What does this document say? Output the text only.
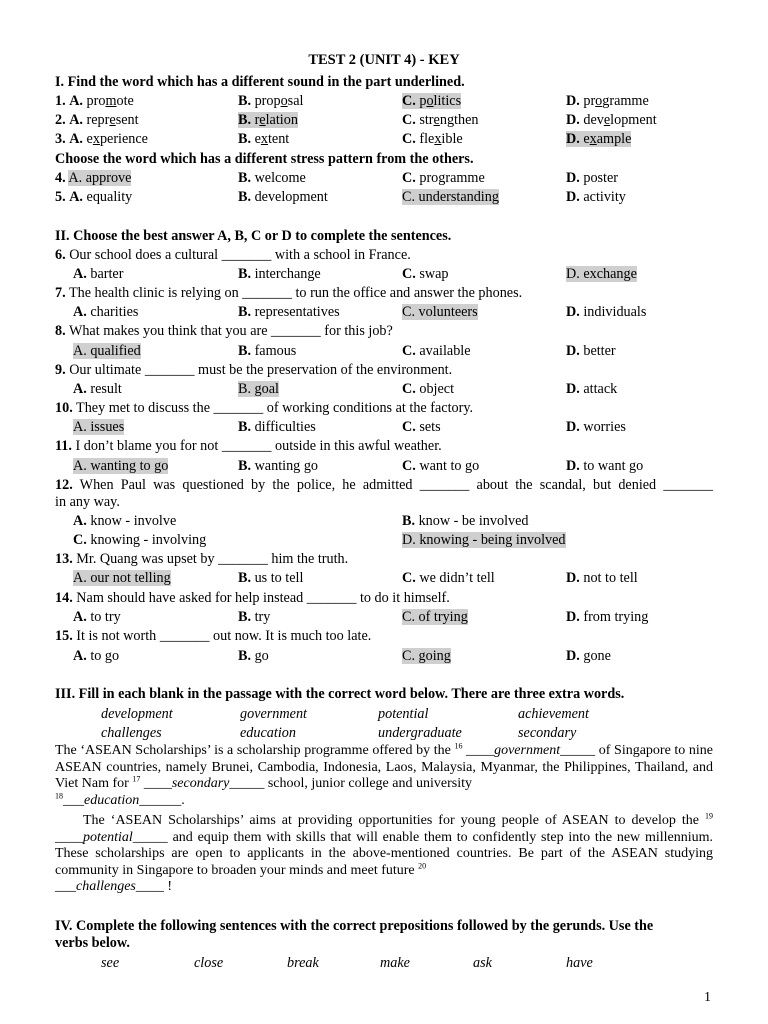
TEST 2 (UNIT 4) - KEY
I. Find the word which has a different sound in the part underlined.
1. A. promote	B. proposal	C. politics	D. programme
2. A. represent	B. relation	C. strengthen	D. development
3. A. experience	B. extent	C. flexible	D. example
Choose the word which has a different stress pattern from the others.
4. A. approve	B. welcome	C. programme	D. poster
5. A. equality	B. development	C. understanding	D. activity
II. Choose the best answer A, B, C or D to complete the sentences.
6. Our school does a cultural _______ with a school in France.
A. barter	B. interchange	C. swap	D. exchange
7. The health clinic is relying on _______ to run the office and answer the phones.
A. charities	B. representatives	C. volunteers	D. individuals
8. What makes you think that you are _______ for this job?
A. qualified	B. famous	C. available	D. better
9. Our ultimate _______ must be the preservation of the environment.
A. result	B. goal	C. object	D. attack
10. They met to discuss the _______ of working conditions at the factory.
A. issues	B. difficulties	C. sets	D. worries
11. I don’t blame you for not _______ outside in this awful weather.
A. wanting to go	B. wanting go	C. want to go	D. to want go
12. When Paul was questioned by the police, he admitted _______ about the scandal, but denied _______
in any way.
A. know - involve	B. know - be involved
C. knowing - involving	D. knowing - being involved
13. Mr. Quang was upset by _______ him the truth.
A. our not telling	B. us to tell	C. we didn’t tell	D. not to tell
14. Nam should have asked for help instead _______ to do it himself.
A. to try	B. try	C. of trying	D. from trying
15. It is not worth _______ out now. It is much too late.
A. to go	B. go	C. going	D. gone
III. Fill in each blank in the passage with the correct word below. There are three extra words.
development	government	potential	achievement
challenges	education	undergraduate	secondary
The ‘ASEAN Scholarships’ is a scholarship programme offered by the $^{16}$ ____government_____ of Singapore to nine ASEAN countries, namely Brunei, Cambodia, Indonesia, Laos, Malaysia, Myanmar, the Philippines, Thailand, and Viet Nam for $^{17}$ ____secondary_____ school, junior college and university
$^{18}$___education______.
The ‘ASEAN Scholarships’ aims at providing opportunities for young people of ASEAN to develop the $^{19}$ ____potential_____ and equip them with skills that will enable them to confidently step into the new millennium. These scholarships are open to applicants in the above-mentioned countries. Be part of the ASEAN studying community in Singapore to broaden your minds and meet future $^{20}$
___challenges____ !
IV. Complete the following sentences with the correct prepositions followed by the gerunds. Use the
verbs below.
see	close	break	make	ask	have
1
